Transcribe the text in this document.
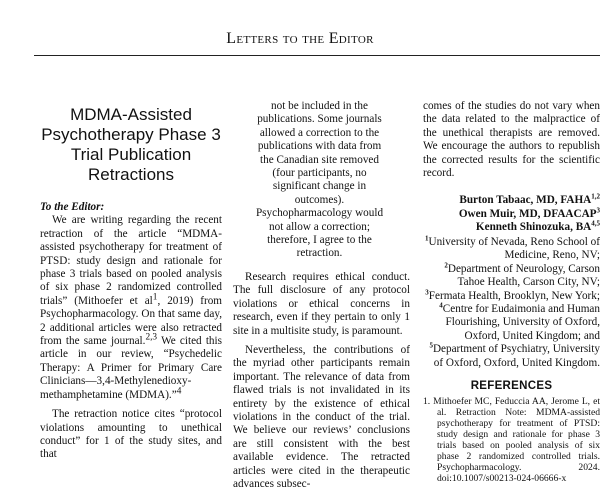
Letters to the Editor
MDMA-Assisted Psychotherapy Phase 3 Trial Publication Retractions

To the Editor:

We are writing regarding the recent retraction of the article “MDMA-assisted psychotherapy for treatment of PTSD: study design and rationale for phase 3 trials based on pooled analysis of six phase 2 randomized controlled trials” (Mithoefer et $al^1$, 2019) from Psychopharmacology. On that same day, 2 additional articles were also retracted from the same journal.$^{2,3}$ We cited this article in our review, “Psychedelic Therapy: A Primer for Primary Care Clinicians—3,4-Methylenedioxy-methamphetamine (MDMA).”$^4$

The retraction notice cites “protocol violations amounting to unethical conduct” for 1 of the study sites, and that

not be included in the publications. Some journals allowed a correction to the publications with data from the Canadian site removed (four participants, no significant change in outcomes). Psychopharmacology would not allow a correction; therefore, I agree to the retraction.

Research requires ethical conduct. The full disclosure of any protocol violations or ethical concerns in research, even if they pertain to only 1 site in a multisite study, is paramount.

Nevertheless, the contributions of the myriad other participants remain important. The relevance of data from flawed trials is not invalidated in its entirety by the existence of ethical violations in the conduct of the trial. We believe our reviews’ conclusions are still consistent with the best available evidence. The retracted articles were cited in the therapeutic advances subsec-

comes of the studies do not vary when the data related to the malpractice of the unethical therapists are removed. We encourage the authors to republish the corrected results for the scientific record.

Burton Tabaac, MD, FAHA$^{1,2}$
Owen Muir, MD, DFAACAP$^3$
Kenneth Shinozuka, BA$^{4,5}$
$^1$University of Nevada, Reno School of Medicine, Reno, NV;
$^2$Department of Neurology, Carson Tahoe Health, Carson City, NV;
$^3$Fermata Health, Brooklyn, New York;
$^4$Centre for Eudaimonia and Human Flourishing, University of Oxford, Oxford, United Kingdom; and
$^5$Department of Psychiatry, University of Oxford, Oxford, United Kingdom.
REFERENCES

1. Mithoefer MC, Feduccia AA, Jerome L, et al. Retraction Note: MDMA-assisted psychotherapy for treatment of PTSD: study design and rationale for phase 3 trials based on pooled analysis of six phase 2 randomized controlled trials. Psychopharmacology. 2024. doi:10.1007/s00213-024-06666-x
